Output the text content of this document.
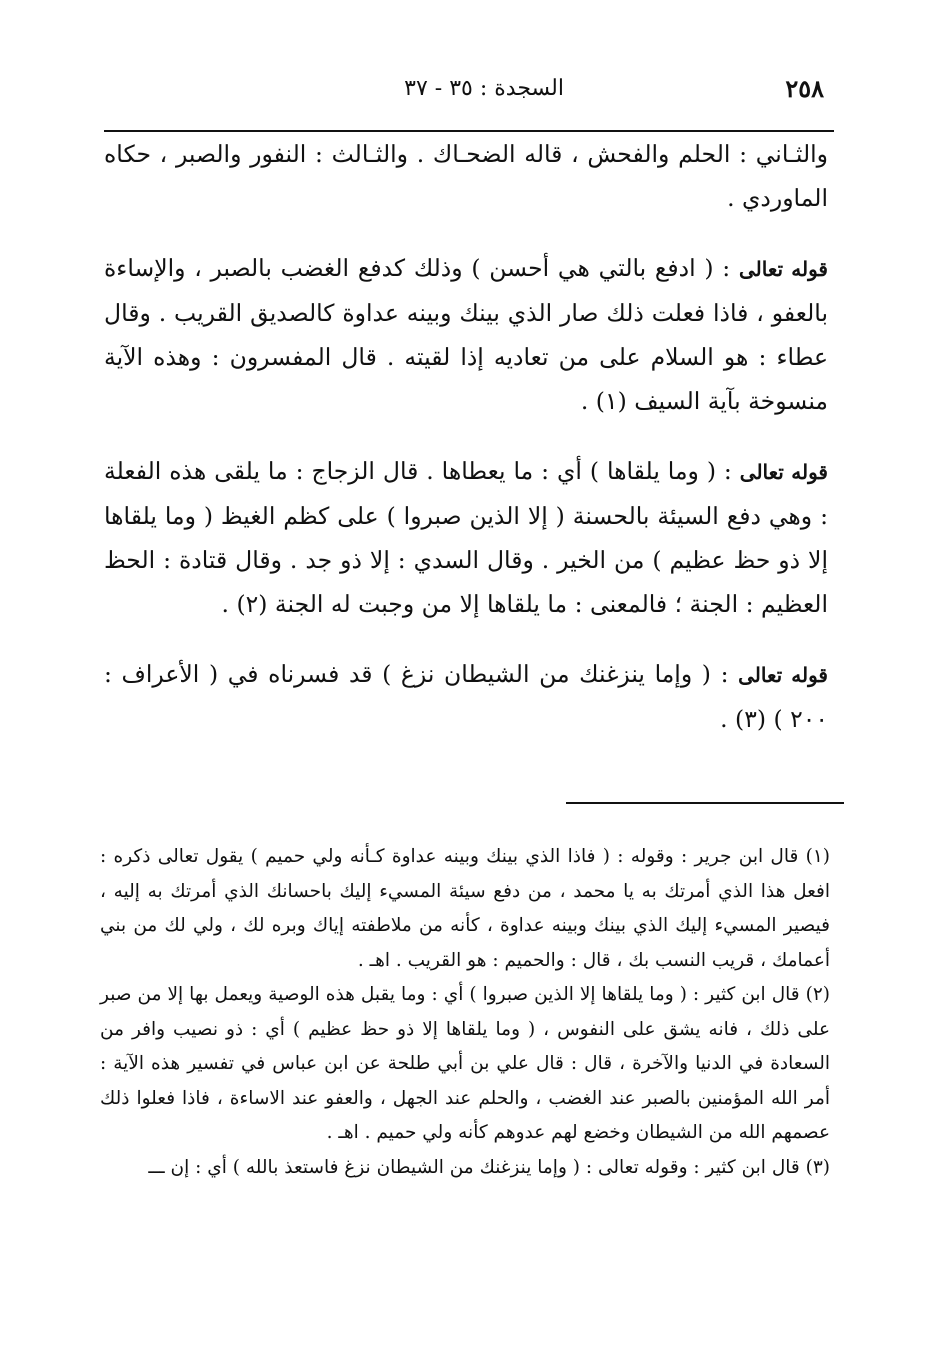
٢٥٨
السجدة : ٣٥ - ٣٧

والثـاني : الحلم والفحش ، قاله الضحـاك . والثـالث : النفور والصبر ، حكاه الماوردي .

قوله تعالى : ( ادفع بالتي هي أحسن ) وذلك كدفع الغضب بالصبر ، والإساءة بالعفو ، فاذا فعلت ذلك صار الذي بينك وبينه عداوة كالصديق القريب . وقال عطاء : هو السلام على من تعاديه إذا لقيته . قال المفسرون : وهذه الآية منسوخة بآية السيف (١) .

قوله تعالى : ( وما يلقاها ) أي : ما يعطاها . قال الزجاج : ما يلقى هذه الفعلة : وهي دفع السيئة بالحسنة ( إلا الذين صبروا ) على كظم الغيظ ( وما يلقاها إلا ذو حظ عظيم ) من الخير . وقال السدي : إلا ذو جد . وقال قتادة : الحظ العظيم : الجنة ؛ فالمعنى : ما يلقاها إلا من وجبت له الجنة (٢) .

قوله تعالى : ( وإما ينزغنك من الشيطان نزغ ) قد فسرناه في ( الأعراف : ٢٠٠ ) (٣) .

(١) قال ابن جرير : وقوله : ( فاذا الذي بينك وبينه عداوة كـأنه ولي حميم ) يقول تعالى ذكره : افعل هذا الذي أمرتك به يا محمد ، من دفع سيئة المسيء إليك باحسانك الذي أمرتك به إليه ، فيصير المسيء إليك الذي بينك وبينه عداوة ، كأنه من ملاطفته إياك وبره لك ، ولي لك من بني أعمامك ، قريب النسب بك ، قال : والحميم : هو القريب . اهـ .

(٢) قال ابن كثير : ( وما يلقاها إلا الذين صبروا ) أي : وما يقبل هذه الوصية ويعمل بها إلا من صبر على ذلك ، فانه يشق على النفوس ، ( وما يلقاها إلا ذو حظ عظيم ) أي : ذو نصيب وافر من السعادة في الدنيا والآخرة ، قال : قال علي بن أبي طلحة عن ابن عباس في تفسير هذه الآية : أمر الله المؤمنين بالصبر عند الغضب ، والحلم عند الجهل ، والعفو عند الاساءة ، فاذا فعلوا ذلك عصمهم الله من الشيطان وخضع لهم عدوهم كأنه ولي حميم . اهـ .

(٣) قال ابن كثير : وقوله تعالى : ( وإما ينزغنك من الشيطان نزغ فاستعذ بالله ) أي : إن ـــ
